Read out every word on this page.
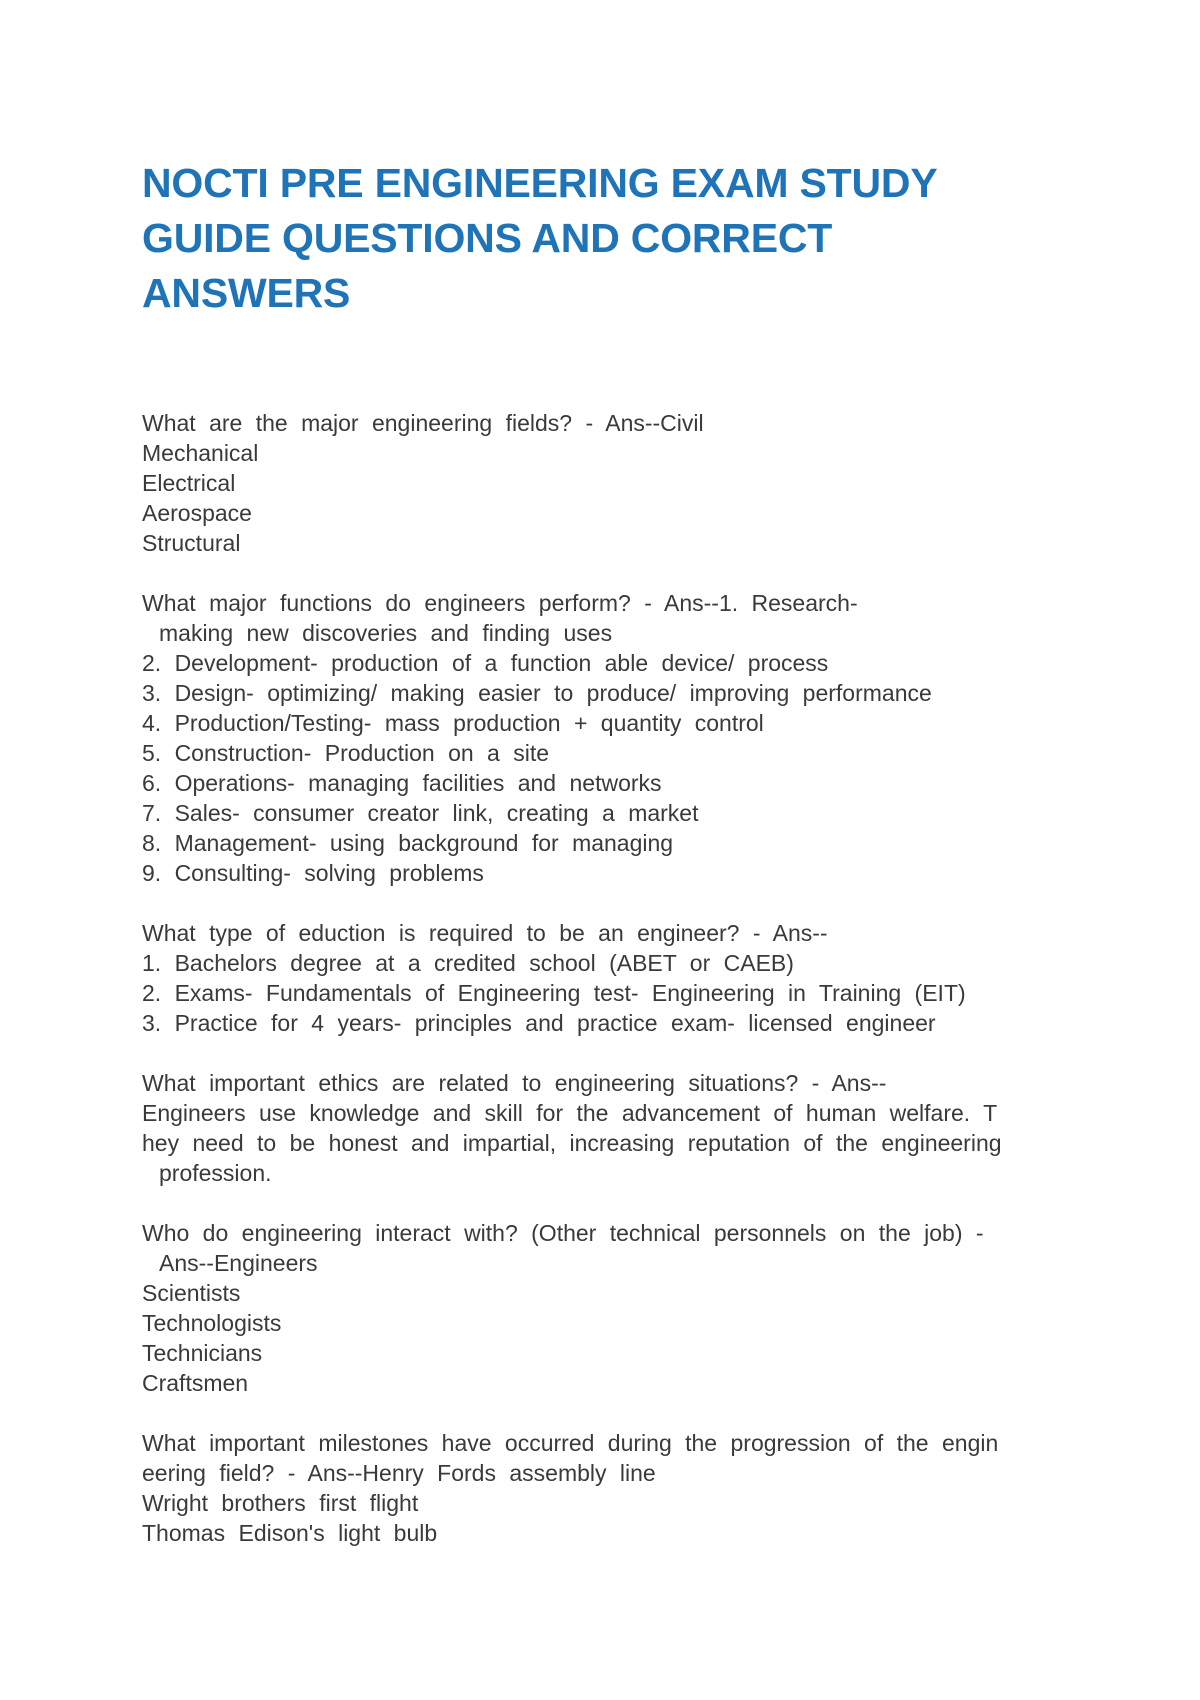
NOCTI PRE ENGINEERING EXAM STUDY
GUIDE QUESTIONS AND CORRECT
ANSWERS
What are the major engineering fields? - Ans--Civil
Mechanical
Electrical
Aerospace
Structural
What major functions do engineers perform? - Ans--1. Research-
making new discoveries and finding uses
2. Development- production of a function able device/ process
3. Design- optimizing/ making easier to produce/ improving performance
4. Production/Testing- mass production + quantity control
5. Construction- Production on a site
6. Operations- managing facilities and networks
7. Sales- consumer creator link, creating a market
8. Management- using background for managing
9. Consulting- solving problems
What type of eduction is required to be an engineer? - Ans--
1. Bachelors degree at a credited school (ABET or CAEB)
2. Exams- Fundamentals of Engineering test- Engineering in Training (EIT)
3. Practice for 4 years- principles and practice exam- licensed engineer
What important ethics are related to engineering situations? - Ans--
Engineers use knowledge and skill for the advancement of human welfare. T
hey need to be honest and impartial, increasing reputation of the engineering
profession.
Who do engineering interact with? (Other technical personnels on the job) -
Ans--Engineers
Scientists
Technologists
Technicians
Craftsmen
What important milestones have occurred during the progression of the engin
eering field? - Ans--Henry Fords assembly line
Wright brothers first flight
Thomas Edison's light bulb
